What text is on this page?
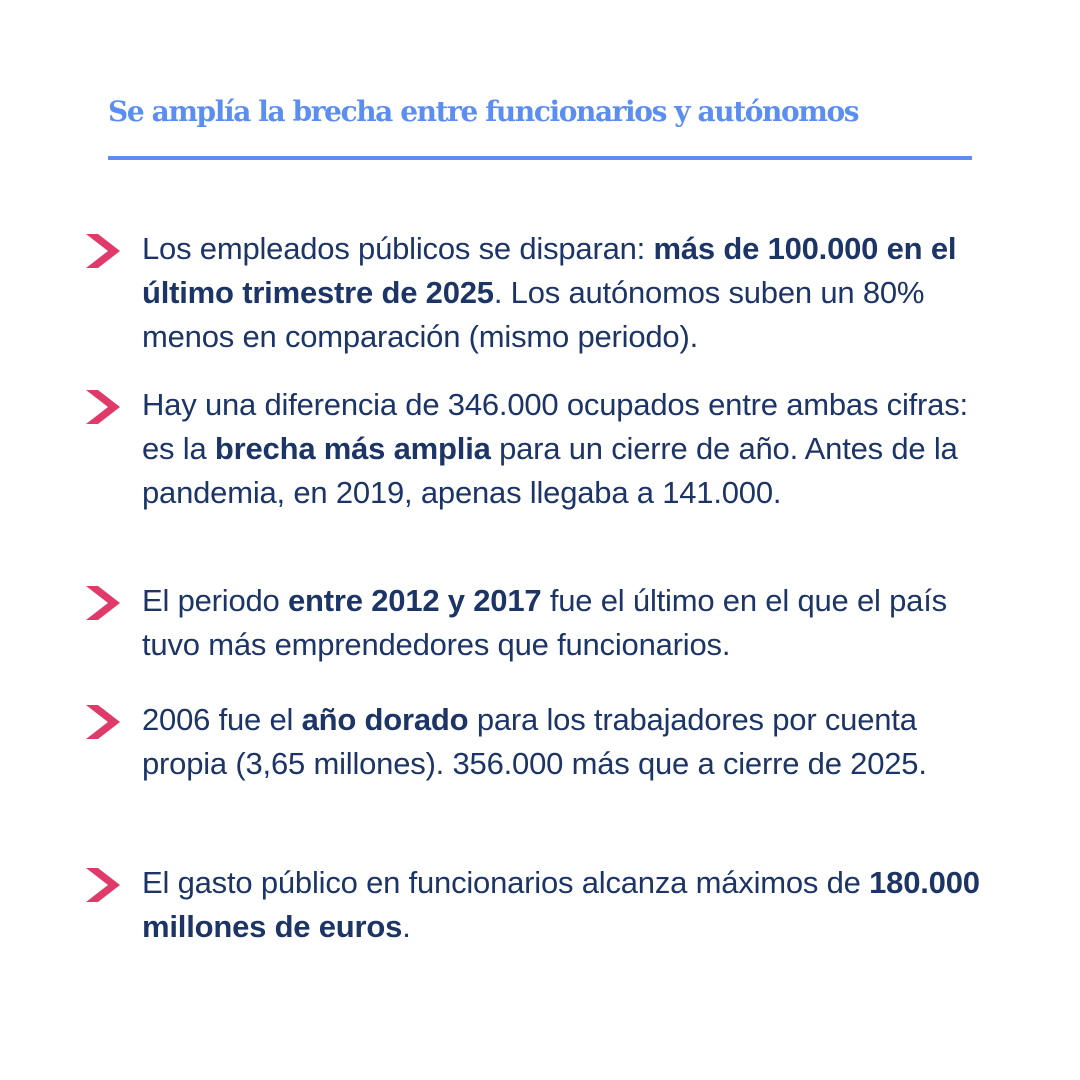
Se amplía la brecha entre funcionarios y autónomos
Los empleados públicos se disparan: más de 100.000 en el último trimestre de 2025. Los autónomos suben un 80% menos en comparación (mismo periodo).
Hay una diferencia de 346.000 ocupados entre ambas cifras: es la brecha más amplia para un cierre de año. Antes de la pandemia, en 2019, apenas llegaba a 141.000.
El periodo entre 2012 y 2017 fue el último en el que el país tuvo más emprendedores que funcionarios.
2006 fue el año dorado para los trabajadores por cuenta propia (3,65 millones). 356.000 más que a cierre de 2025.
El gasto público en funcionarios alcanza máximos de 180.000 millones de euros.
